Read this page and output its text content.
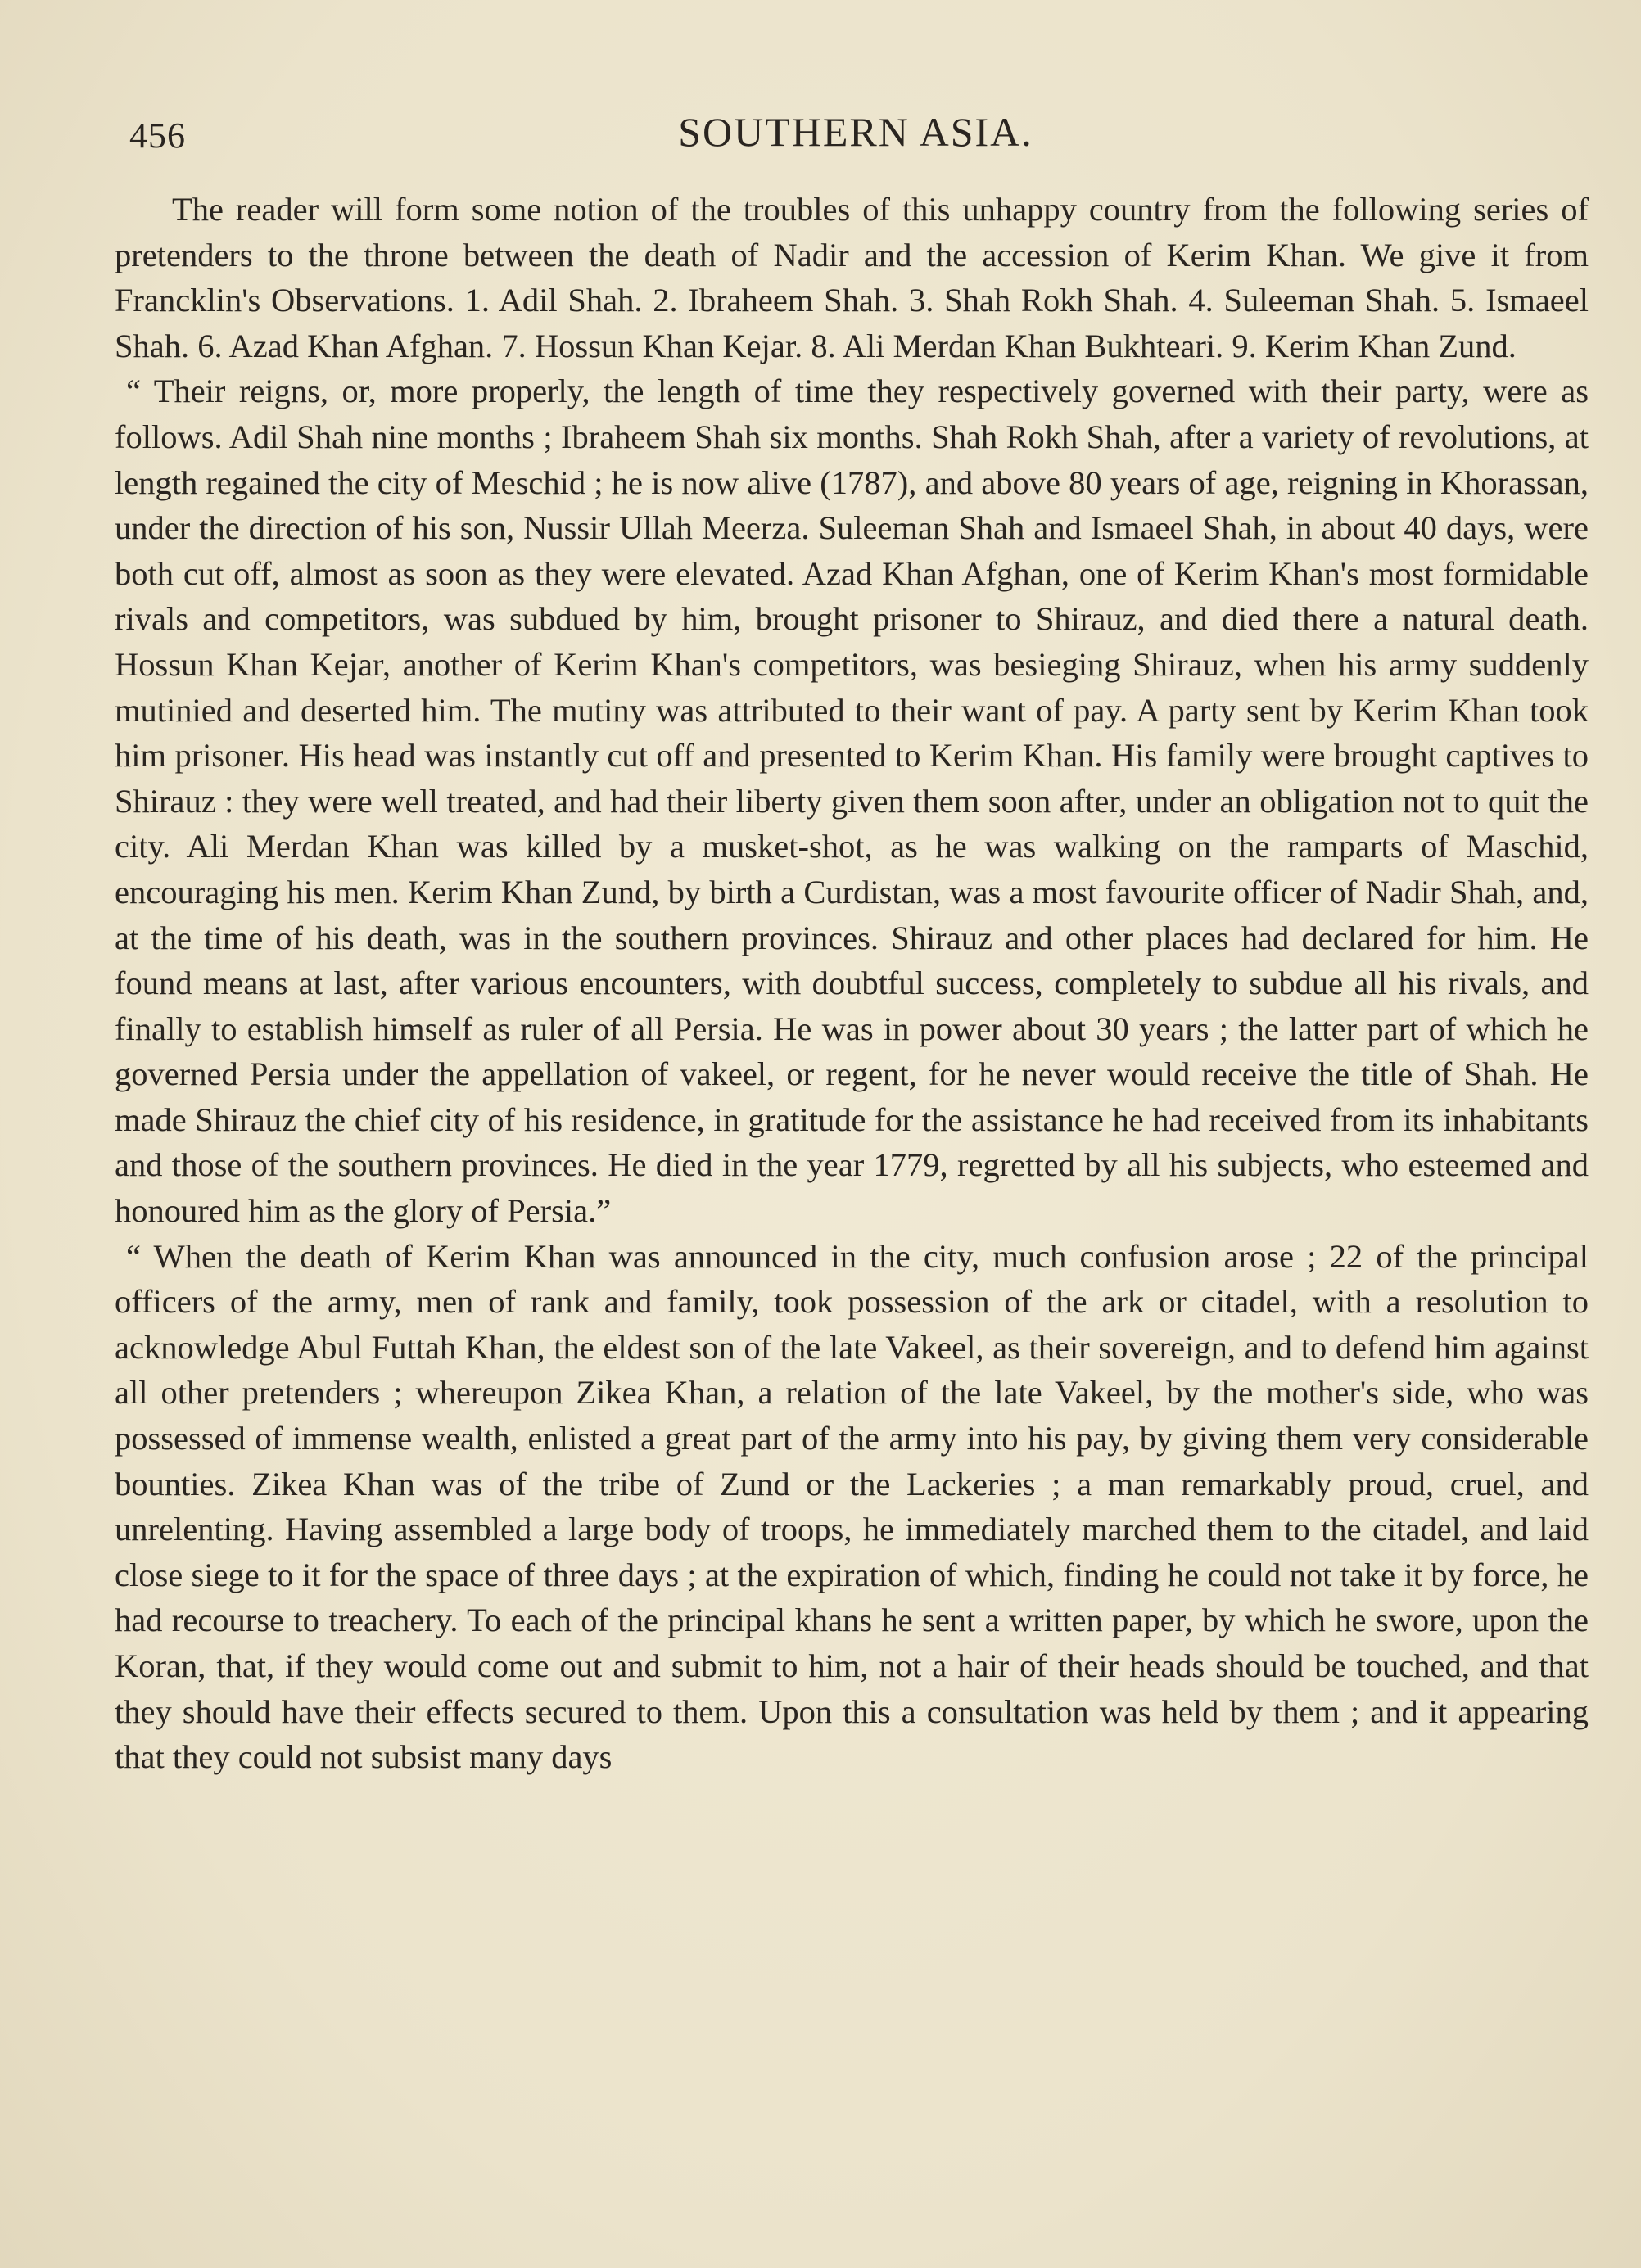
456	SOUTHERN ASIA.

The reader will form some notion of the troubles of this unhappy country from the following series of pretenders to the throne between the death of Nadir and the accession of Kerim Khan. We give it from Francklin's Observations. 1. Adil Shah. 2. Ibraheem Shah. 3. Shah Rokh Shah. 4. Suleeman Shah. 5. Ismaeel Shah. 6. Azad Khan Afghan. 7. Hossun Khan Kejar. 8. Ali Merdan Khan Bukhteari. 9. Kerim Khan Zund.

“ Their reigns, or, more properly, the length of time they respectively governed with their party, were as follows. Adil Shah nine months ; Ibraheem Shah six months. Shah Rokh Shah, after a variety of revolutions, at length regained the city of Meschid ; he is now alive (1787), and above 80 years of age, reigning in Khorassan, under the direction of his son, Nussir Ullah Meerza. Suleeman Shah and Ismaeel Shah, in about 40 days, were both cut off, almost as soon as they were elevated. Azad Khan Afghan, one of Kerim Khan's most formidable rivals and competitors, was subdued by him, brought prisoner to Shirauz, and died there a natural death. Hossun Khan Kejar, another of Kerim Khan's competitors, was besieging Shirauz, when his army suddenly mutinied and deserted him. The mutiny was attributed to their want of pay. A party sent by Kerim Khan took him prisoner. His head was instantly cut off and presented to Kerim Khan. His family were brought captives to Shirauz : they were well treated, and had their liberty given them soon after, under an obligation not to quit the city. Ali Merdan Khan was killed by a musket-shot, as he was walking on the ramparts of Maschid, encouraging his men. Kerim Khan Zund, by birth a Curdistan, was a most favourite officer of Nadir Shah, and, at the time of his death, was in the southern provinces. Shirauz and other places had declared for him. He found means at last, after various encounters, with doubtful success, completely to subdue all his rivals, and finally to establish himself as ruler of all Persia. He was in power about 30 years ; the latter part of which he governed Persia under the appellation of vakeel, or regent, for he never would receive the title of Shah. He made Shirauz the chief city of his residence, in gratitude for the assistance he had received from its inhabitants and those of the southern provinces. He died in the year 1779, regretted by all his subjects, who esteemed and honoured him as the glory of Persia.”

“ When the death of Kerim Khan was announced in the city, much confusion arose ; 22 of the principal officers of the army, men of rank and family, took possession of the ark or citadel, with a resolution to acknowledge Abul Futtah Khan, the eldest son of the late Vakeel, as their sovereign, and to defend him against all other pretenders ; whereupon Zikea Khan, a relation of the late Vakeel, by the mother's side, who was possessed of immense wealth, enlisted a great part of the army into his pay, by giving them very considerable bounties. Zikea Khan was of the tribe of Zund or the Lackeries ; a man remarkably proud, cruel, and unrelenting. Having assembled a large body of troops, he immediately marched them to the citadel, and laid close siege to it for the space of three days ; at the expiration of which, finding he could not take it by force, he had recourse to treachery. To each of the principal khans he sent a written paper, by which he swore, upon the Koran, that, if they would come out and submit to him, not a hair of their heads should be touched, and that they should have their effects secured to them. Upon this a consultation was held by them ; and it appearing that they could not subsist many days
